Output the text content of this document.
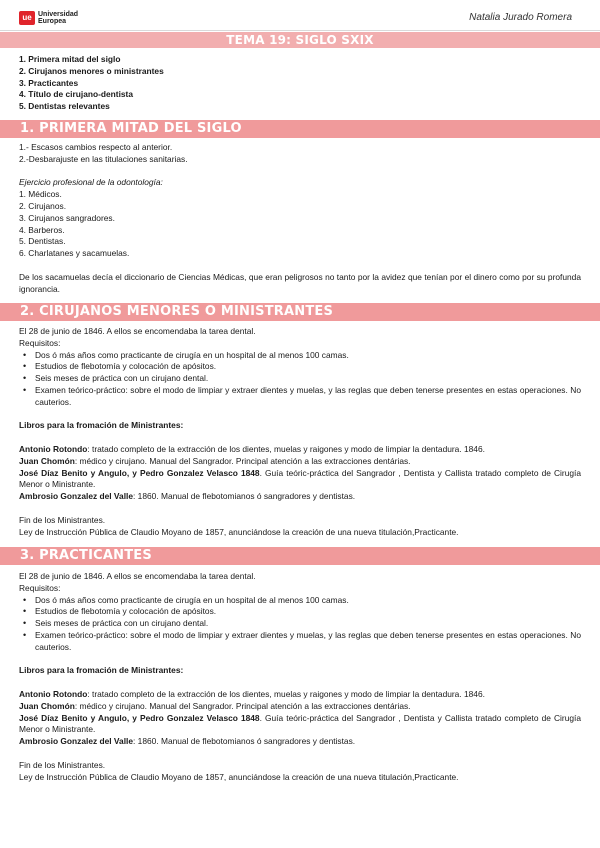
ue Universidad
Europea	Natalia Jurado Romera
TEMA 19: SIGLO SXIX
1. Primera mitad del siglo
2. Cirujanos menores o ministrantes
3. Practicantes
4. Título de cirujano-dentista
5. Dentistas relevantes
1. PRIMERA MITAD DEL SIGLO
1.- Escasos cambios respecto al anterior.
2.-Desbarajuste en las titulaciones sanitarias.
Ejercicio profesional de la odontología:
1. Médicos.
2. Cirujanos.
3. Cirujanos sangradores.
4. Barberos.
5. Dentistas.
6. Charlatanes y sacamuelas.
De los sacamuelas decía el diccionario de Ciencias Médicas, que eran peligrosos no tanto por la avidez que tenían por el dinero como por su profunda ignorancia.
2. CIRUJANOS MENORES O MINISTRANTES
El 28 de junio de 1846. A ellos se encomendaba la tarea dental.
Requisitos:
• Dos ó más años como practicante de cirugía en un hospital de al menos 100 camas.
• Estudios de flebotomía y colocación de apósitos.
• Seis meses de práctica con un cirujano dental.
• Examen teórico-práctico: sobre el modo de limpiar y extraer dientes y muelas, y las reglas que deben tenerse presentes en estas operaciones. No cauterios.
Libros para la fromación de Ministrantes:
Antonio Rotondo: tratado completo de la extracción de los dientes, muelas y raigones y modo de limpiar la dentadura. 1846.
Juan Chomón: médico y cirujano. Manual del Sangrador. Principal atención a las extracciones dentárias.
José Díaz Benito y Angulo, y Pedro Gonzalez Velasco 1848. Guía teóric-práctica del Sangrador , Dentista y Callista tratado completo de Cirugía Menor o Ministrante.
Ambrosio Gonzalez del Valle: 1860. Manual de flebotomianos ó sangradores y dentistas.
Fin de los Ministrantes.
Ley de Instrucción Pública de Claudio Moyano de 1857, anunciándose la creación de una nueva titulación,Practicante.
3. PRACTICANTES
El 28 de junio de 1846. A ellos se encomendaba la tarea dental.
Requisitos:
• Dos ó más años como practicante de cirugía en un hospital de al menos 100 camas.
• Estudios de flebotomía y colocación de apósitos.
• Seis meses de práctica con un cirujano dental.
• Examen teórico-práctico: sobre el modo de limpiar y extraer dientes y muelas, y las reglas que deben tenerse presentes en estas operaciones. No cauterios.
Libros para la fromación de Ministrantes:
Antonio Rotondo: tratado completo de la extracción de los dientes, muelas y raigones y modo de limpiar la dentadura. 1846.
Juan Chomón: médico y cirujano. Manual del Sangrador. Principal atención a las extracciones dentárias.
José Díaz Benito y Angulo, y Pedro Gonzalez Velasco 1848. Guía teóric-práctica del Sangrador , Dentista y Callista tratado completo de Cirugía Menor o Ministrante.
Ambrosio Gonzalez del Valle: 1860. Manual de flebotomianos ó sangradores y dentistas.
Fin de los Ministrantes.
Ley de Instrucción Pública de Claudio Moyano de 1857, anunciándose la creación de una nueva titulación,Practicante.
